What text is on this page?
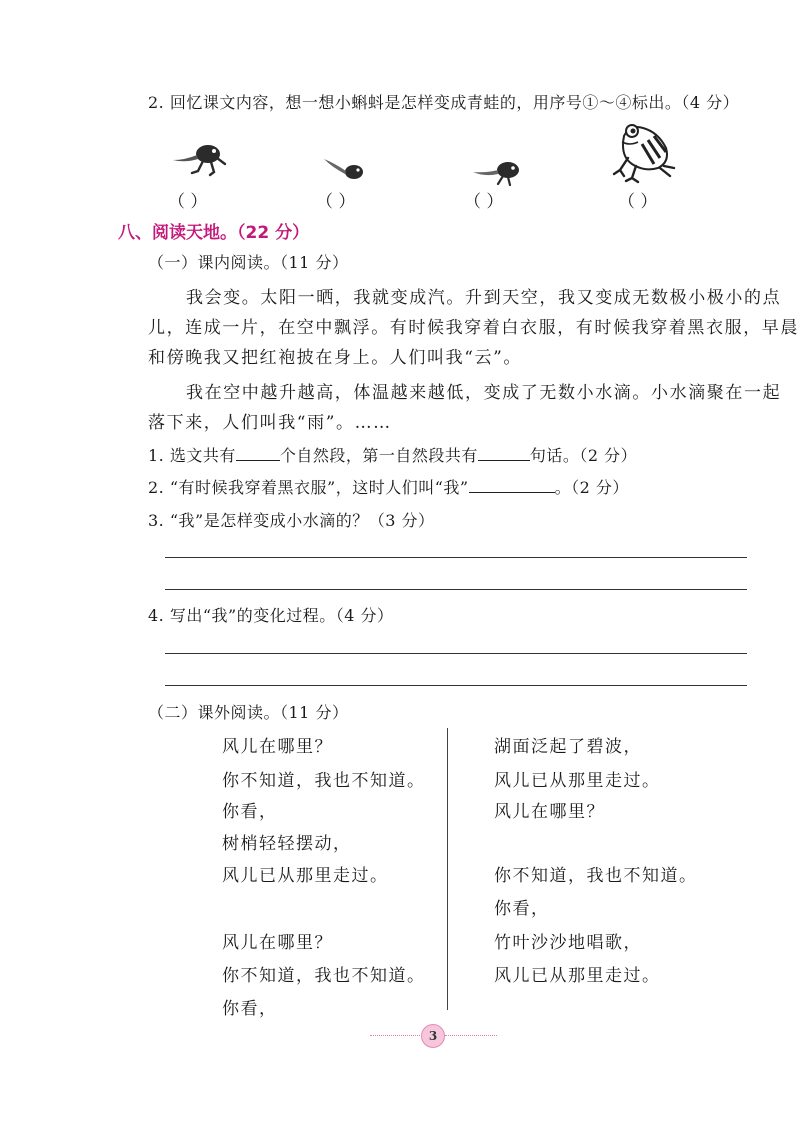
2. 回忆课文内容，想一想小蝌蚪是怎样变成青蛙的，用序号①～④标出。（4 分）
（ ）	（ ）	（ ）	（ ）
八、阅读天地。（22 分）
（一）课内阅读。（11 分）
我会变。太阳一晒，我就变成汽。升到天空，我又变成无数极小极小的点
儿，连成一片，在空中飘浮。有时候我穿着白衣服，有时候我穿着黑衣服，早晨
和傍晚我又把红袍披在身上。人们叫我“云”。
我在空中越升越高，体温越来越低，变成了无数小水滴。小水滴聚在一起
落下来，人们叫我“雨”。……
1. 选文共有	个自然段，第一自然段共有	句话。（2 分）
2. “有时候我穿着黑衣服”，这时人们叫“我”	。（2 分）
3. “我”是怎样变成小水滴的？（3 分）
4. 写出“我”的变化过程。（4 分）
（二）课外阅读。（11 分）
风儿在哪里？
你不知道，我也不知道。
你看，
树梢轻轻摆动，
风儿已从那里走过。
风儿在哪里？
你不知道，我也不知道。
你看，
湖面泛起了碧波，
风儿已从那里走过。
风儿在哪里？
你不知道，我也不知道。
你看，
竹叶沙沙地唱歌，
风儿已从那里走过。
3
